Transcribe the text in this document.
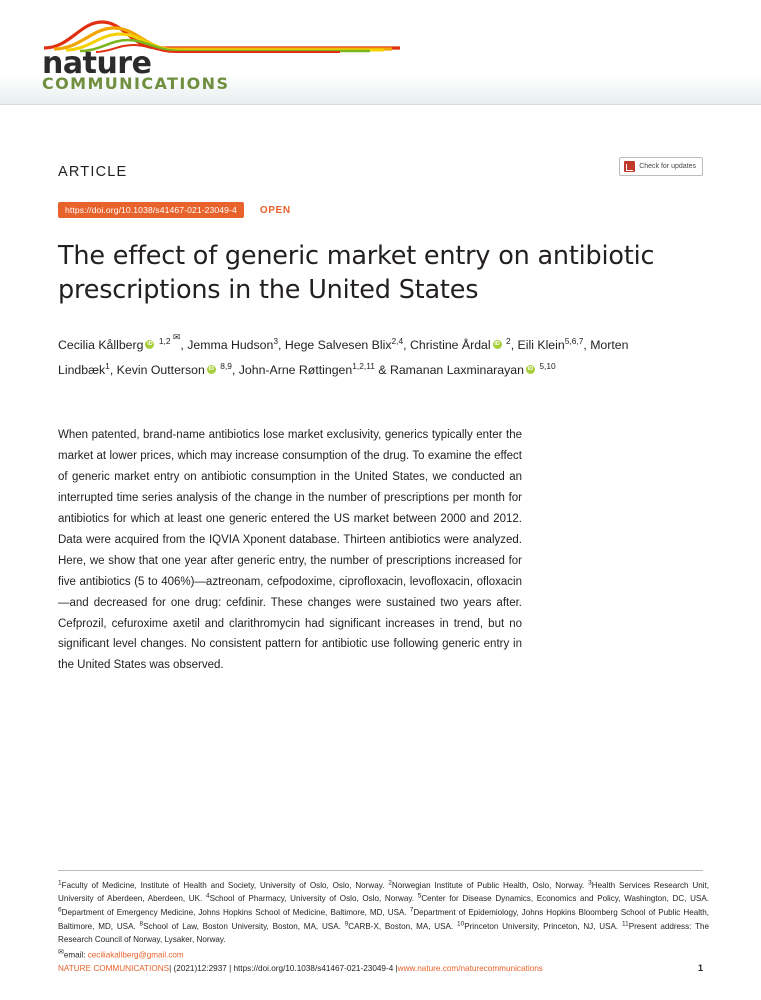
nature
COMMUNICATIONS
ARTICLE	Check for updates
https://doi.org/10.1038/s41467-021-23049-4	OPEN
The effect of generic market entry on antibiotic prescriptions in the United States
Cecilia Kållberg iD $^{1,2 ✉}$, Jemma Hudson$^3$, Hege Salvesen Blix$^{2,4}$, Christine Årdal iD $^2$, Eili Klein$^{5,6,7}$, Morten Lindbæk$^1$, Kevin Outterson iD $^{8,9}$, John-Arne Røttingen$^{1,2,11}$ & Ramanan Laxminarayan iD $^{5,10}$
When patented, brand-name antibiotics lose market exclusivity, generics typically enter the market at lower prices, which may increase consumption of the drug. To examine the effect of generic market entry on antibiotic consumption in the United States, we conducted an interrupted time series analysis of the change in the number of prescriptions per month for antibiotics for which at least one generic entered the US market between 2000 and 2012. Data were acquired from the IQVIA Xponent database. Thirteen antibiotics were analyzed. Here, we show that one year after generic entry, the number of prescriptions increased for five antibiotics (5 to 406%)—aztreonam, cefpodoxime, ciprofloxacin, levofloxacin, ofloxacin—and decreased for one drug: cefdinir. These changes were sustained two years after. Cefprozil, cefuroxime axetil and clarithromycin had significant increases in trend, but no significant level changes. No consistent pattern for antibiotic use following generic entry in the United States was observed.
$^1$Faculty of Medicine, Institute of Health and Society, University of Oslo, Oslo, Norway. $^2$Norwegian Institute of Public Health, Oslo, Norway. $^3$Health Services Research Unit, University of Aberdeen, Aberdeen, UK. $^4$School of Pharmacy, University of Oslo, Oslo, Norway. $^5$Center for Disease Dynamics, Economics and Policy, Washington, DC, USA. $^6$Department of Emergency Medicine, Johns Hopkins School of Medicine, Baltimore, MD, USA. $^7$Department of Epidemiology, Johns Hopkins Bloomberg School of Public Health, Baltimore, MD, USA. $^8$School of Law, Boston University, Boston, MA, USA. $^9$CARB-X, Boston, MA, USA. $^{10}$Princeton University, Princeton, NJ, USA. $^{11}$Present address: The Research Council of Norway, Lysaker, Norway.
✉email: ceciliakallberg@gmail.com
NATURE COMMUNICATIONS| (2021)12:2937 | https://doi.org/10.1038/s41467-021-23049-4 |www.nature.com/naturecommunications	1
